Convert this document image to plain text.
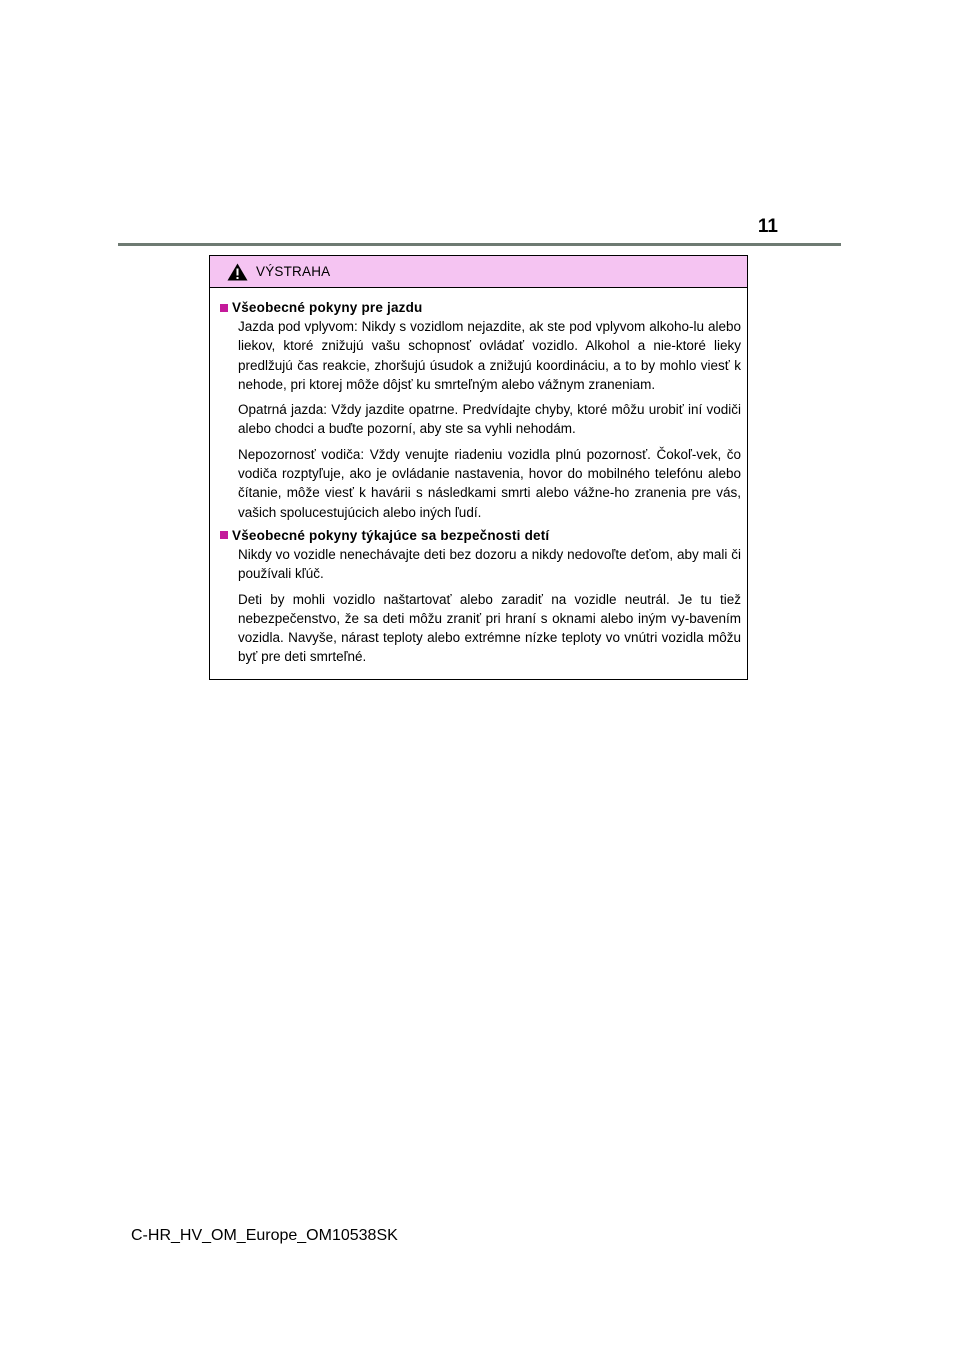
11
VÝSTRAHA
Všeobecné pokyny pre jazdu

Jazda pod vplyvom: Nikdy s vozidlom nejazdite, ak ste pod vplyvom alkoho-lu alebo liekov, ktoré znižujú vašu schopnosť ovládať vozidlo. Alkohol a nie-ktoré lieky predlžujú čas reakcie, zhoršujú úsudok a znižujú koordináciu, a to by mohlo viesť k nehode, pri ktorej môže dôjsť ku smrteľným alebo vážnym zraneniam.

Opatrná jazda: Vždy jazdite opatrne. Predvídajte chyby, ktoré môžu urobiť iní vodiči alebo chodci a buďte pozorní, aby ste sa vyhli nehodám.

Nepozornosť vodiča: Vždy venujte riadeniu vozidla plnú pozornosť. Čokoľ-vek, čo vodiča rozptyľuje, ako je ovládanie nastavenia, hovor do mobilného telefónu alebo čítanie, môže viesť k havárii s následkami smrti alebo vážne-ho zranenia pre vás, vašich spolucestujúcich alebo iných ľudí.

Všeobecné pokyny týkajúce sa bezpečnosti detí

Nikdy vo vozidle nenechávajte deti bez dozoru a nikdy nedovoľte deťom, aby mali či používali kľúč.

Deti by mohli vozidlo naštartovať alebo zaradiť na vozidle neutrál. Je tu tiež nebezpečenstvo, že sa deti môžu zraniť pri hraní s oknami alebo iným vy-bavením vozidla. Navyše, nárast teploty alebo extrémne nízke teploty vo vnútri vozidla môžu byť pre deti smrteľné.

C-HR_HV_OM_Europe_OM10538SK
